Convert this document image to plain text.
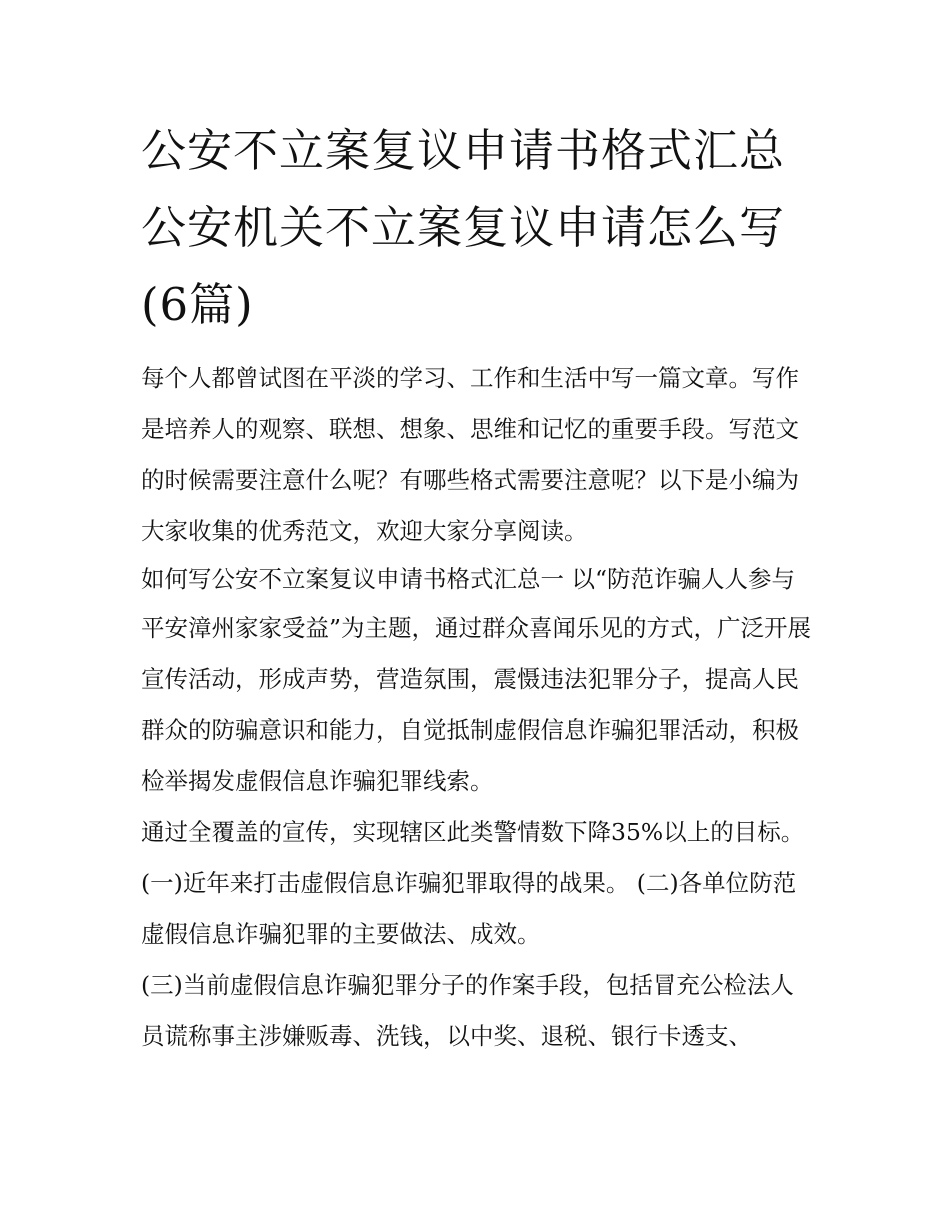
公安不立案复议申请书格式汇总 公安机关不立案复议申请怎么写(6篇)

每个人都曾试图在平淡的学习、工作和生活中写一篇文章。写作是培养人的观察、联想、想象、思维和记忆的重要手段。写范文的时候需要注意什么呢？有哪些格式需要注意呢？以下是小编为大家收集的优秀范文，欢迎大家分享阅读。

如何写公安不立案复议申请书格式汇总一 以“防范诈骗人人参与

平安漳州家家受益”为主题，通过群众喜闻乐见的方式，广泛开展宣传活动，形成声势，营造氛围，震慑违法犯罪分子，提高人民群众的防骗意识和能力，自觉抵制虚假信息诈骗犯罪活动，积极检举揭发虚假信息诈骗犯罪线索。

通过全覆盖的宣传，实现辖区此类警情数下降35%以上的目标。 (一)近年来打击虚假信息诈骗犯罪取得的战果。 (二)各单位防范虚假信息诈骗犯罪的主要做法、成效。

(三)当前虚假信息诈骗犯罪分子的作案手段，包括冒充公检法人员谎称事主涉嫌贩毒、洗钱，以中奖、退税、银行卡透支、
